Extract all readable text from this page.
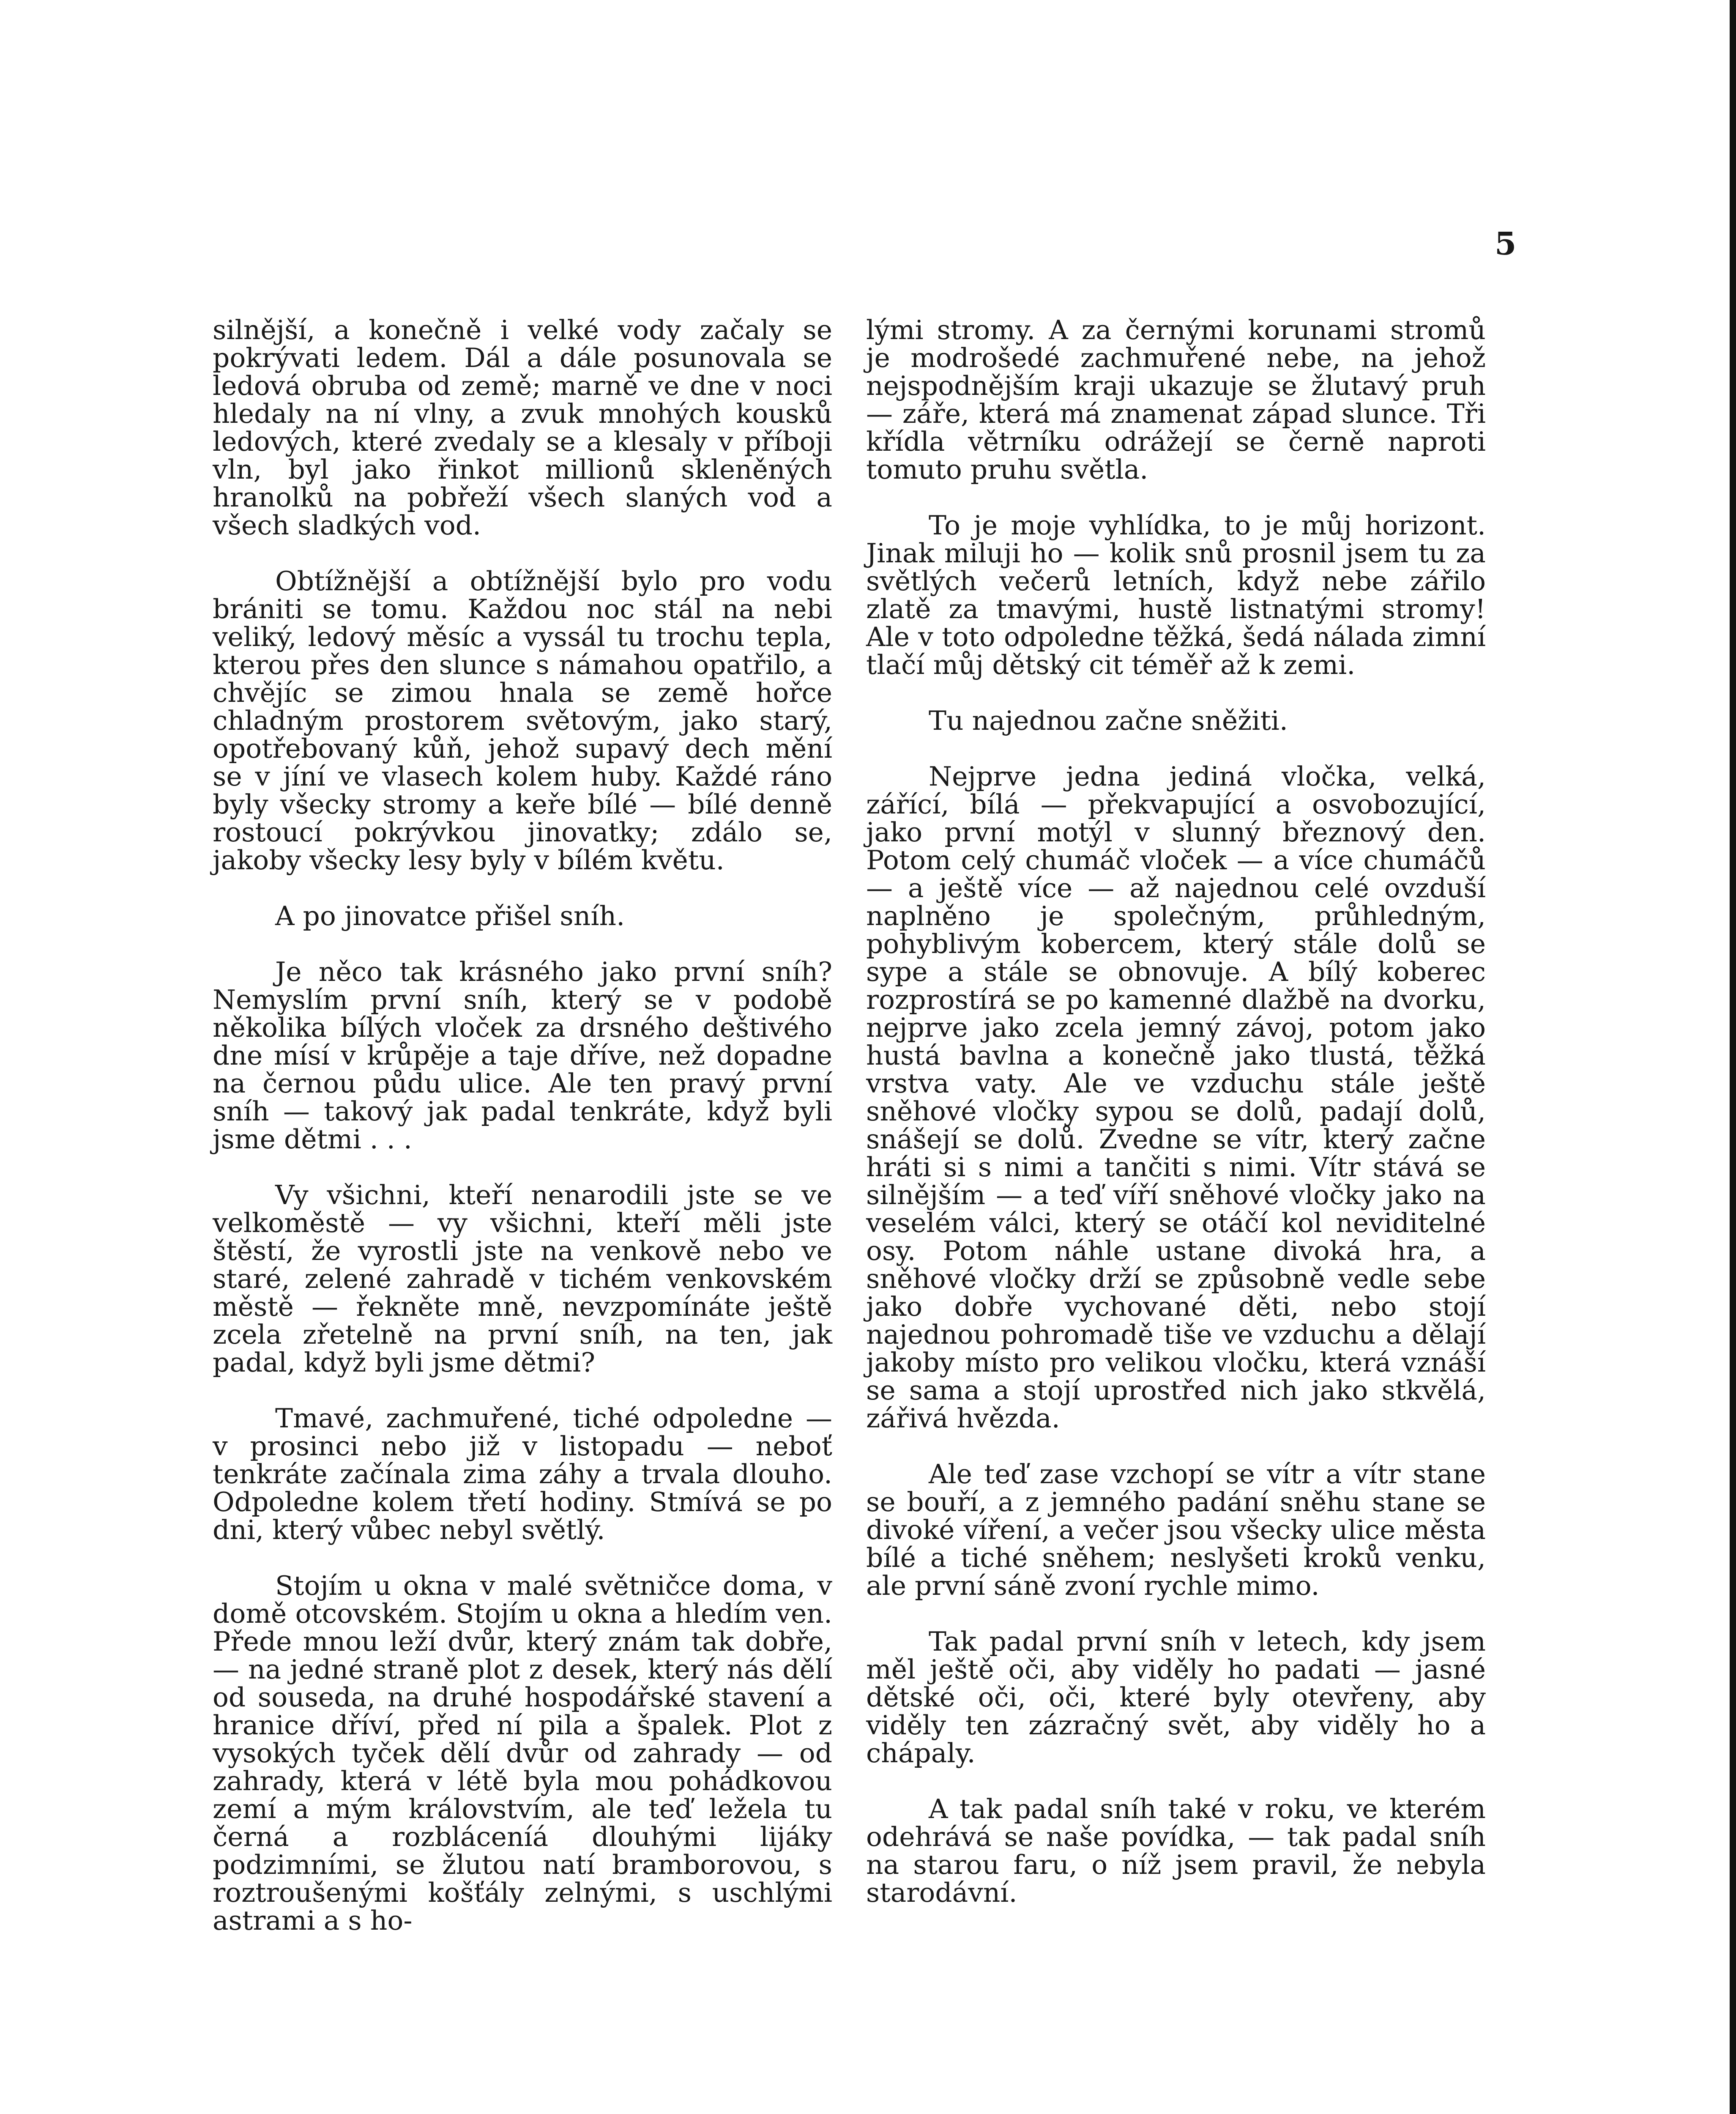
5

silnější, a konečně i velké vody začaly se pokrývati ledem. Dál a dále posunovala se ledová obruba od země; marně ve dne v noci hledaly na ní vlny, a zvuk mnohých kousků ledových, které zvedaly se a klesaly v příboji vln, byl jako řinkot millionů skleněných hranolků na pobřeží všech slaných vod a všech sladkých vod.

Obtížnější a obtížnější bylo pro vodu brániti se tomu. Každou noc stál na nebi veliký, ledový měsíc a vyssál tu trochu tepla, kterou přes den slunce s námahou opatřilo, a chvějíc se zimou hnala se země hořce chladným prostorem světovým, jako starý, opotřebovaný kůň, jehož supavý dech mění se v jíní ve vlasech kolem huby. Každé ráno byly všecky stromy a keře bílé — bílé denně rostoucí pokrývkou jinovatky; zdálo se, jakoby všecky lesy byly v bílém květu.

A po jinovatce přišel sníh.

Je něco tak krásného jako první sníh? Nemyslím první sníh, který se v podobě několika bílých vloček za drsného deštivého dne mísí v krůpěje a taje dříve, než dopadne na černou půdu ulice. Ale ten pravý první sníh — takový jak padal tenkráte, když byli jsme dětmi . . .

Vy všichni, kteří nenarodili jste se ve velkoměstě — vy všichni, kteří měli jste štěstí, že vyrostli jste na venkově nebo ve staré, zelené zahradě v tichém venkovském městě — řekněte mně, nevzpomínáte ještě zcela zřetelně na první sníh, na ten, jak padal, když byli jsme dětmi?

Tmavé, zachmuřené, tiché odpoledne — v prosinci nebo již v listopadu — neboť tenkráte začínala zima záhy a trvala dlouho. Odpoledne kolem třetí hodiny. Stmívá se po dni, který vůbec nebyl světlý.

Stojím u okna v malé světničce doma, v domě otcovském. Stojím u okna a hledím ven. Přede mnou leží dvůr, který znám tak dobře, — na jedné straně plot z desek, který nás dělí od souseda, na druhé hospodářské stavení a hranice dříví, před ní pila a špalek. Plot z vysokých tyček dělí dvůr od zahrady — od zahrady, která v létě byla mou pohádkovou zemí a mým královstvím, ale teď ležela tu černá a rozbláceníá dlouhými lijáky podzimními, se žlutou natí bramborovou, s roztroušenými košťály zelnými, s uschlými astrami a s ho-

lými stromy. A za černými korunami stromů je modrošedé zachmuřené nebe, na jehož nejspodnějším kraji ukazuje se žlutavý pruh — záře, která má znamenat západ slunce. Tři křídla větrníku odrážejí se černě naproti tomuto pruhu světla.

To je moje vyhlídka, to je můj horizont. Jinak miluji ho — kolik snů prosnil jsem tu za světlých večerů letních, když nebe zářilo zlatě za tmavými, hustě listnatými stromy! Ale v toto odpoledne těžká, šedá nálada zimní tlačí můj dětský cit téměř až k zemi.

Tu najednou začne sněžiti.

Nejprve jedna jediná vločka, velká, zářící, bílá — překvapující a osvobozující, jako první motýl v slunný březnový den. Potom celý chumáč vloček — a více chumáčů — a ještě více — až najednou celé ovzduší naplněno je společným, průhledným, pohyblivým kobercem, který stále dolů se sype a stále se obnovuje. A bílý koberec rozprostírá se po kamenné dlažbě na dvorku, nejprve jako zcela jemný závoj, potom jako hustá bavlna a konečně jako tlustá, těžká vrstva vaty. Ale ve vzduchu stále ještě sněhové vločky sypou se dolů, padají dolů, snášejí se dolů. Zvedne se vítr, který začne hráti si s nimi a tančiti s nimi. Vítr stává se silnějším — a teď víří sněhové vločky jako na veselém válci, který se otáčí kol neviditelné osy. Potom náhle ustane divoká hra, a sněhové vločky drží se způsobně vedle sebe jako dobře vychované děti, nebo stojí najednou pohromadě tiše ve vzduchu a dělají jakoby místo pro velikou vločku, která vznáší se sama a stojí uprostřed nich jako stkvělá, zářivá hvězda.

Ale teď zase vzchopí se vítr a vítr stane se bouří, a z jemného padání sněhu stane se divoké víření, a večer jsou všecky ulice města bílé a tiché sněhem; neslyšeti kroků venku, ale první sáně zvoní rychle mimo.

Tak padal první sníh v letech, kdy jsem měl ještě oči, aby viděly ho padati — jasné dětské oči, oči, které byly otevřeny, aby viděly ten zázračný svět, aby viděly ho a chápaly.

A tak padal sníh také v roku, ve kterém odehrává se naše povídka, — tak padal sníh na starou faru, o níž jsem pravil, že nebyla starodávní.
